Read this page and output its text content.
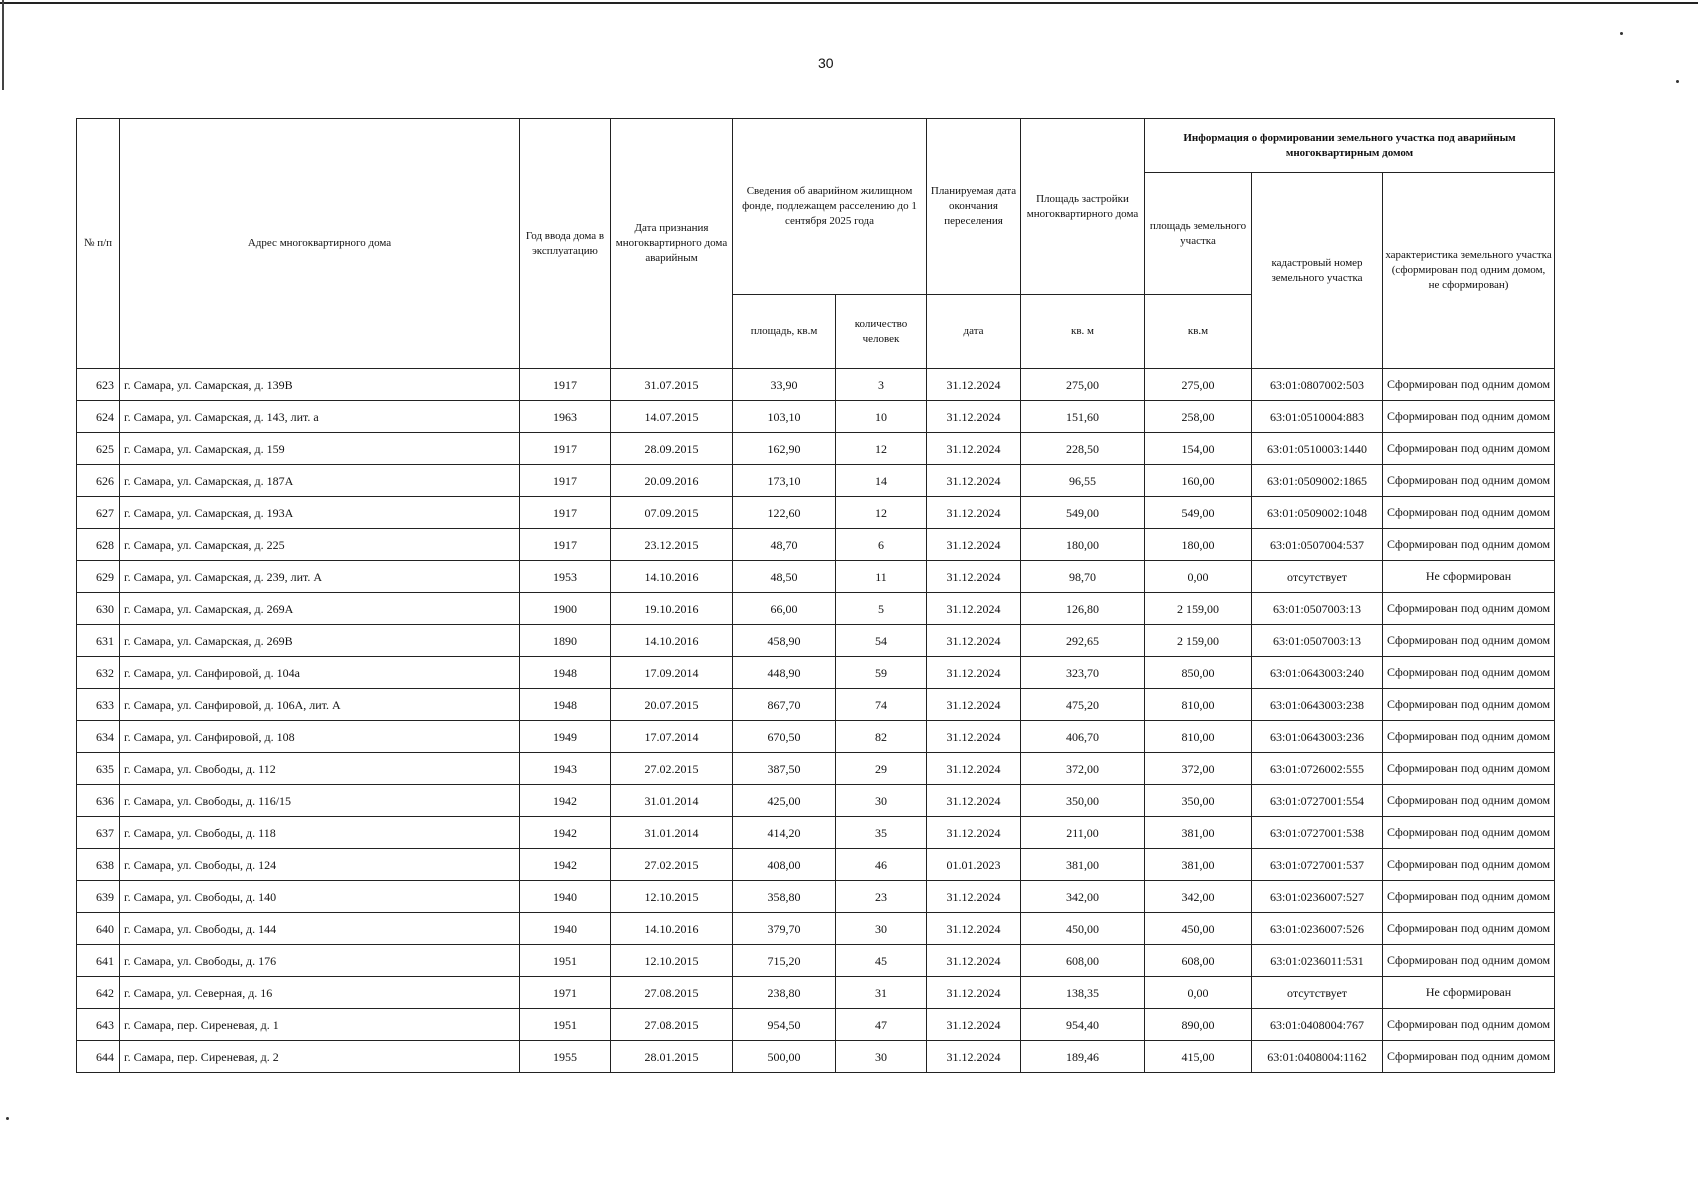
30
№ п/п	Адрес многоквартирного дома	Год ввода дома в эксплуатацию	Дата признания многоквартирного дома аварийным	Сведения об аварийном жилищном фонде, подлежащем расселению до 1 сентября 2025 года		Планируемая дата окончания переселения	Площадь застройки многоквартирного дома	Информация о формировании земельного участка под аварийным многоквартирным домом		
								площадь земельного участка	кадастровый номер земельного участка	характеристика земельного участка (сформирован под одним домом, не сформирован)
				площадь, кв.м	количество человек	дата	кв. м	кв.м		
623	г. Самара, ул. Самарская, д. 139В	1917	31.07.2015	33,90	3	31.12.2024	275,00	275,00	63:01:0807002:503	Сформирован под одним домом
624	г. Самара, ул. Самарская, д. 143, лит. а	1963	14.07.2015	103,10	10	31.12.2024	151,60	258,00	63:01:0510004:883	Сформирован под одним домом
625	г. Самара, ул. Самарская, д. 159	1917	28.09.2015	162,90	12	31.12.2024	228,50	154,00	63:01:0510003:1440	Сформирован под одним домом
626	г. Самара, ул. Самарская, д. 187А	1917	20.09.2016	173,10	14	31.12.2024	96,55	160,00	63:01:0509002:1865	Сформирован под одним домом
627	г. Самара, ул. Самарская, д. 193А	1917	07.09.2015	122,60	12	31.12.2024	549,00	549,00	63:01:0509002:1048	Сформирован под одним домом
628	г. Самара, ул. Самарская, д. 225	1917	23.12.2015	48,70	6	31.12.2024	180,00	180,00	63:01:0507004:537	Сформирован под одним домом
629	г. Самара, ул. Самарская, д. 239, лит. А	1953	14.10.2016	48,50	11	31.12.2024	98,70	0,00	отсутствует	Не сформирован
630	г. Самара, ул. Самарская, д. 269А	1900	19.10.2016	66,00	5	31.12.2024	126,80	2 159,00	63:01:0507003:13	Сформирован под одним домом
631	г. Самара, ул. Самарская, д. 269В	1890	14.10.2016	458,90	54	31.12.2024	292,65	2 159,00	63:01:0507003:13	Сформирован под одним домом
632	г. Самара, ул. Санфировой, д. 104а	1948	17.09.2014	448,90	59	31.12.2024	323,70	850,00	63:01:0643003:240	Сформирован под одним домом
633	г. Самара, ул. Санфировой, д. 106А, лит. А	1948	20.07.2015	867,70	74	31.12.2024	475,20	810,00	63:01:0643003:238	Сформирован под одним домом
634	г. Самара, ул. Санфировой, д. 108	1949	17.07.2014	670,50	82	31.12.2024	406,70	810,00	63:01:0643003:236	Сформирован под одним домом
635	г. Самара, ул. Свободы, д. 112	1943	27.02.2015	387,50	29	31.12.2024	372,00	372,00	63:01:0726002:555	Сформирован под одним домом
636	г. Самара, ул. Свободы, д. 116/15	1942	31.01.2014	425,00	30	31.12.2024	350,00	350,00	63:01:0727001:554	Сформирован под одним домом
637	г. Самара, ул. Свободы, д. 118	1942	31.01.2014	414,20	35	31.12.2024	211,00	381,00	63:01:0727001:538	Сформирован под одним домом
638	г. Самара, ул. Свободы, д. 124	1942	27.02.2015	408,00	46	01.01.2023	381,00	381,00	63:01:0727001:537	Сформирован под одним домом
639	г. Самара, ул. Свободы, д. 140	1940	12.10.2015	358,80	23	31.12.2024	342,00	342,00	63:01:0236007:527	Сформирован под одним домом
640	г. Самара, ул. Свободы, д. 144	1940	14.10.2016	379,70	30	31.12.2024	450,00	450,00	63:01:0236007:526	Сформирован под одним домом
641	г. Самара, ул. Свободы, д. 176	1951	12.10.2015	715,20	45	31.12.2024	608,00	608,00	63:01:0236011:531	Сформирован под одним домом
642	г. Самара, ул. Северная, д. 16	1971	27.08.2015	238,80	31	31.12.2024	138,35	0,00	отсутствует	Не сформирован
643	г. Самара, пер. Сиреневая, д. 1	1951	27.08.2015	954,50	47	31.12.2024	954,40	890,00	63:01:0408004:767	Сформирован под одним домом
644	г. Самара, пер. Сиреневая, д. 2	1955	28.01.2015	500,00	30	31.12.2024	189,46	415,00	63:01:0408004:1162	Сформирован под одним домом
